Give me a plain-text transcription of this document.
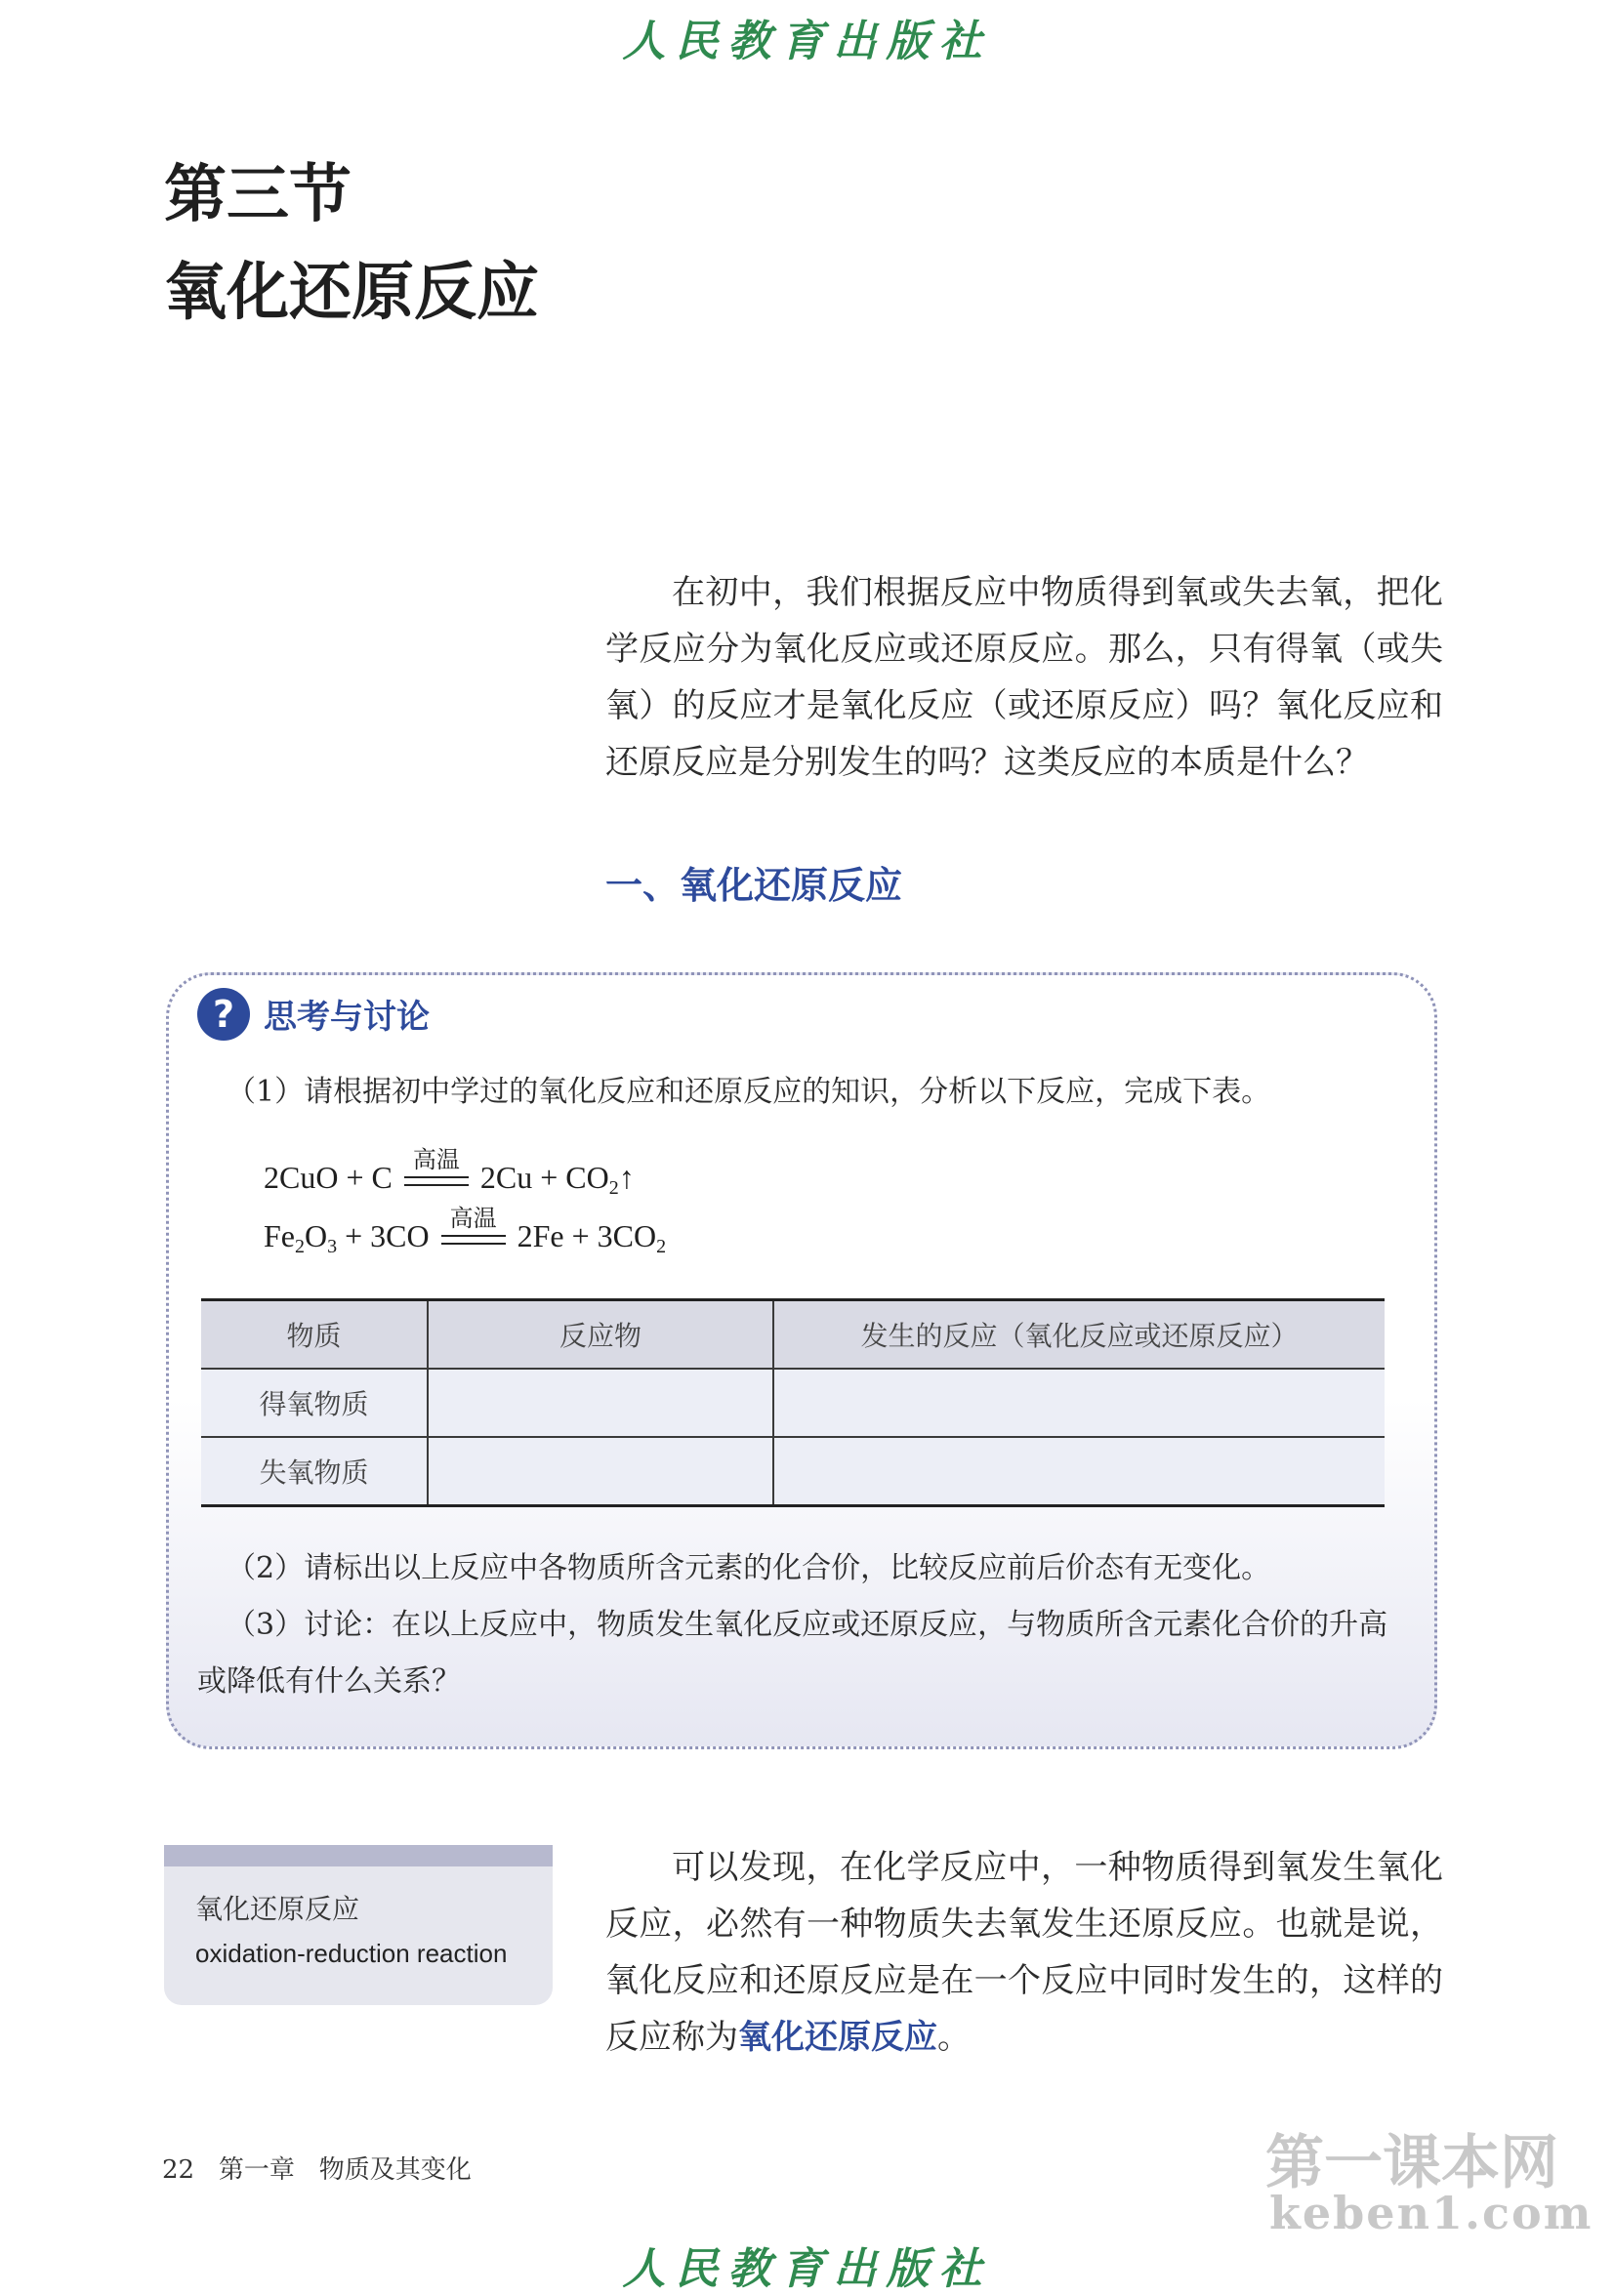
人民教育出版社
第三节
氧化还原反应

在初中，我们根据反应中物质得到氧或失去氧，把化学反应分为氧化反应或还原反应。那么，只有得氧（或失氧）的反应才是氧化反应（或还原反应）吗？氧化反应和还原反应是分别发生的吗？这类反应的本质是什么？

一、氧化还原反应
? 思考与讨论
（1）请根据初中学过的氧化反应和还原反应的知识，分析以下反应，完成下表。
2CuO + C
高温
$2Cu + CO_2↑$
$Fe_2O_3 + 3CO$
高温
$2Fe + 3CO_2$
物质	反应物	发生的反应（氧化反应或还原反应）
得氧物质		
失氧物质		
（2）请标出以上反应中各物质所含元素的化合价，比较反应前后价态有无变化。
（3）讨论：在以上反应中，物质发生氧化反应或还原反应，与物质所含元素化合价的升高或降低有什么关系？
氧化还原反应
oxidation-reduction reaction

可以发现，在化学反应中，一种物质得到氧发生氧化反应，必然有一种物质失去氧发生还原反应。也就是说，氧化反应和还原反应是在一个反应中同时发生的，这样的反应称为氧化还原反应。

22 第一章 物质及其变化	第一课本网
keben1.com
人民教育出版社
